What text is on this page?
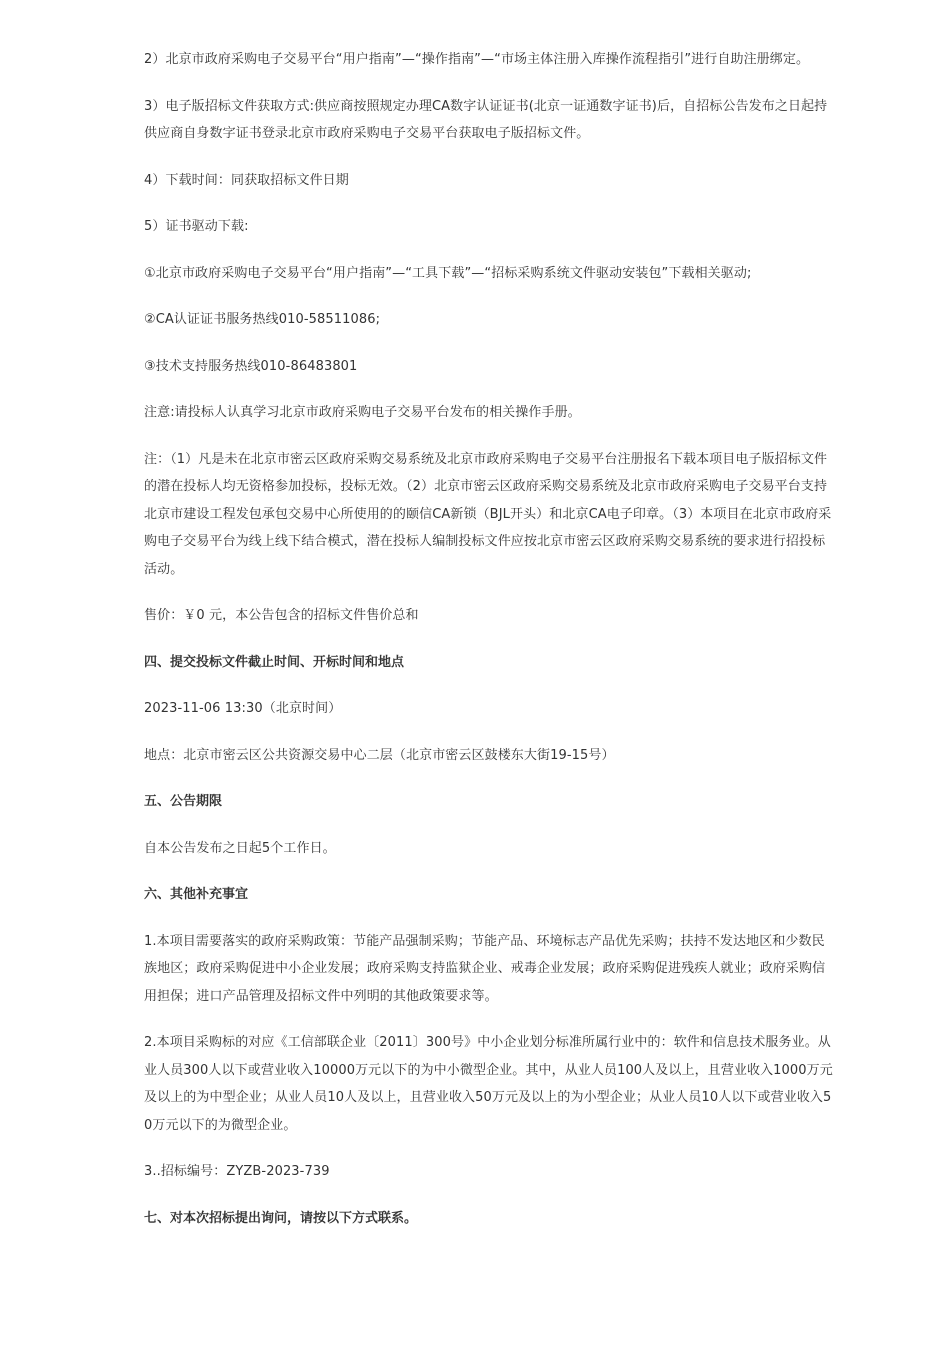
2）北京市政府采购电子交易平台“用户指南”—“操作指南”—“市场主体注册入库操作流程指引”进行自助注册绑定。

3）电子版招标文件获取方式:供应商按照规定办理CA数字认证证书(北京一证通数字证书)后，自招标公告发布之日起持供应商自身数字证书登录北京市政府采购电子交易平台获取电子版招标文件。

4）下载时间：同获取招标文件日期

5）证书驱动下载:

①北京市政府采购电子交易平台“用户指南”—“工具下载”—“招标采购系统文件驱动安装包”下载相关驱动;

②CA认证证书服务热线010-58511086;

③技术支持服务热线010-86483801

注意:请投标人认真学习北京市政府采购电子交易平台发布的相关操作手册。

注：（1）凡是未在北京市密云区政府采购交易系统及北京市政府采购电子交易平台注册报名下载本项目电子版招标文件的潜在投标人均无资格参加投标，投标无效。（2）北京市密云区政府采购交易系统及北京市政府采购电子交易平台支持北京市建设工程发包承包交易中心所使用的的颐信CA新锁（BJL开头）和北京CA电子印章。（3）本项目在北京市政府采购电子交易平台为线上线下结合模式，潜在投标人编制投标文件应按北京市密云区政府采购交易系统的要求进行招投标活动。

售价：￥0 元，本公告包含的招标文件售价总和

四、提交投标文件截止时间、开标时间和地点

2023-11-06 13:30（北京时间）

地点：北京市密云区公共资源交易中心二层（北京市密云区鼓楼东大街19-15号）

五、公告期限

自本公告发布之日起5个工作日。

六、其他补充事宜

1.本项目需要落实的政府采购政策：节能产品强制采购；节能产品、环境标志产品优先采购；扶持不发达地区和少数民族地区；政府采购促进中小企业发展；政府采购支持监狱企业、戒毒企业发展；政府采购促进残疾人就业；政府采购信用担保；进口产品管理及招标文件中列明的其他政策要求等。

2.本项目采购标的对应《工信部联企业〔2011〕300号》中小企业划分标准所属行业中的：软件和信息技术服务业。从业人员300人以下或营业收入10000万元以下的为中小微型企业。其中，从业人员100人及以上，且营业收入1000万元及以上的为中型企业；从业人员10人及以上，且营业收入50万元及以上的为小型企业；从业人员10人以下或营业收入50万元以下的为微型企业。

3..招标编号：ZYZB-2023-739

七、对本次招标提出询问，请按以下方式联系。
